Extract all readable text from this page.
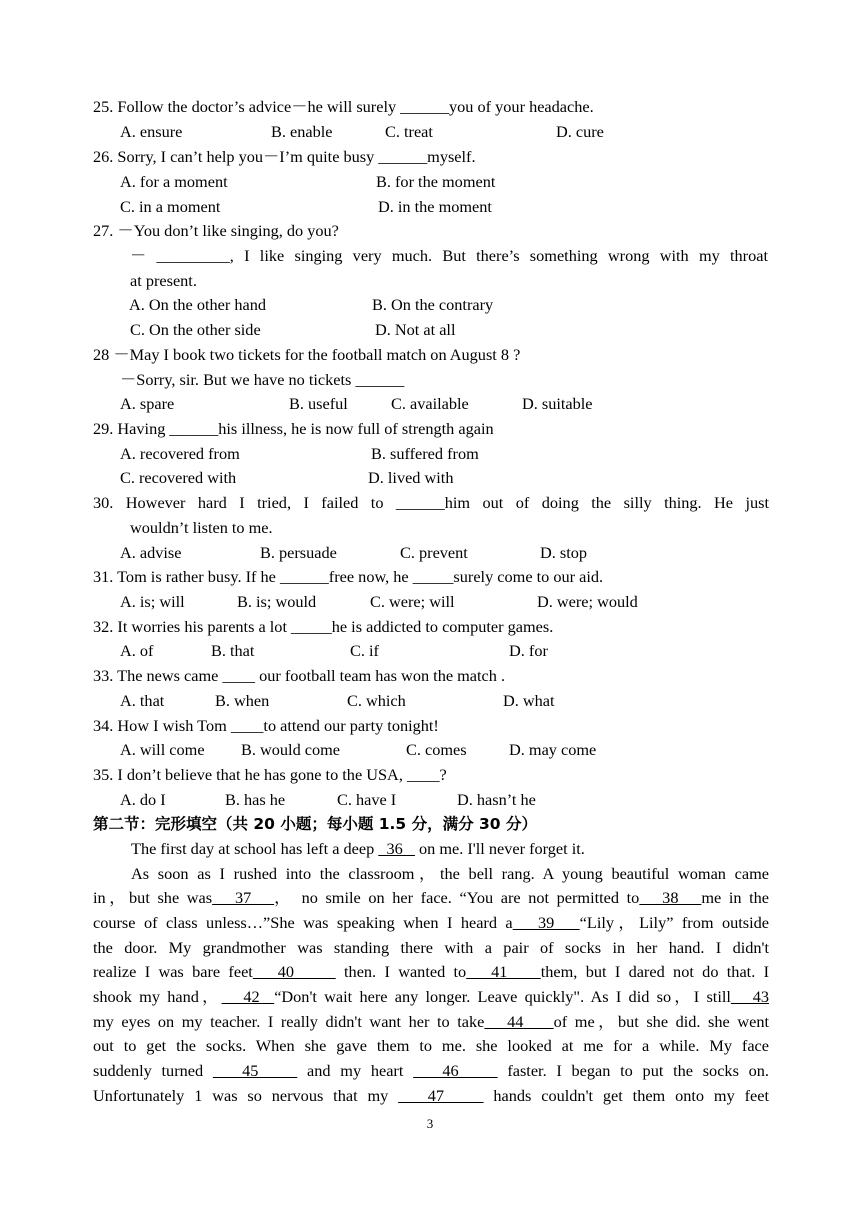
25. Follow the doctor’s advice－he will surely ______you of your headache.
A. ensure	B. enable	C. treat	D. cure
26. Sorry, I can’t help you－I’m quite busy ______myself.
A. for a moment	B. for the moment
C. in a moment	D. in the moment
27. －You don’t like singing, do you?
－ _________, I like singing very much. But there’s something wrong with my throat
at present.
A. On the other hand	B. On the contrary
C. On the other side	D. Not at all
28 －May I book two tickets for the football match on August 8 ?
－Sorry, sir. But we have no tickets ______
A. spare	B. useful	C. available	D. suitable
29. Having ______his illness, he is now full of strength again
A. recovered from	B. suffered from
C. recovered with	D. lived with
30. However hard I tried, I failed to ______him out of doing the silly thing. He just
wouldn’t listen to me.
A. advise	B. persuade	C. prevent	D. stop
31. Tom is rather busy. If he ______free now, he _____surely come to our aid.
A. is; will	B. is; would	C. were; will	D. were; would
32. It worries his parents a lot _____he is addicted to computer games.
A. of	B. that	C. if	D. for
33. The news came ____ our football team has won the match .
A. that	B. when	C. which	D. what
34. How I wish Tom ____to attend our party tonight!
A. will come B. would come	C. comes	D. may come
35. I don’t believe that he has gone to the USA, ____?
A. do I	B. has he	C. have I	D. hasn’t he
第二节：完形填空（共 20 小题；每小题 1.5 分，满分 30 分）
The first day at school has left a deep   36    on me. I'll never forget it.
As soon as I rushed into the classroom，the bell rang. A young beautiful woman came
in，but she was   37   ， no smile on her face. “You are not permitted to   38   me in the
course of class unless…”She was speaking when I heard a   39   “Lily，Lily” from outside
the door. My grandmother was standing there with a pair of socks in her hand. I didn't
realize I was bare feet   40      then. I wanted to   41    them, but I dared not do that. I
shook my hand，   42  “Don't wait here any longer. Leave quickly". As I did so，I still   43
my eyes on my teacher. I really didn't want her to take   44    of me，but she did. she went
out to get the socks. When she gave them to me. she looked at me for a while. My face
suddenly turned    45     and my heart    46     faster. I began to put the socks on.
Unfortunately 1 was so nervous that my    47     hands couldn't get them onto my feet
3
